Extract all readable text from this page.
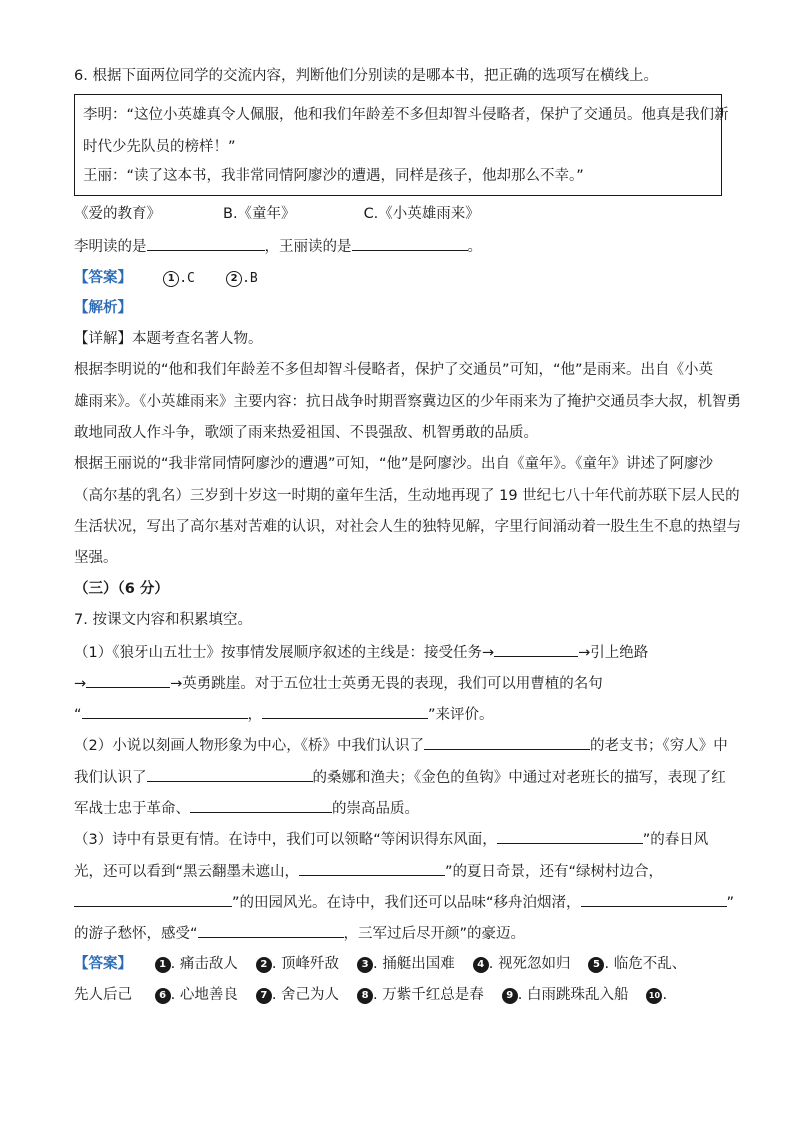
6. 根据下面两位同学的交流内容，判断他们分别读的是哪本书，把正确的选项写在横线上。
李明：“这位小英雄真令人佩服，他和我们年龄差不多但却智斗侵略者，保护了交通员。他真是我们新
时代少先队员的榜样！”
王丽：“读了这本书，我非常同情阿廖沙的遭遇，同样是孩子，他却那么不幸。”
《爱的教育》	B.《童年》	C.《小英雄雨来》
李明读的是	，王丽读的是	。
【答案】	1 .C	2 .B
【解析】
【详解】本题考查名著人物。
根据李明说的“他和我们年龄差不多但却智斗侵略者，保护了交通员”可知，“他”是雨来。出自《小英
雄雨来》。《小英雄雨来》主要内容：抗日战争时期晋察冀边区的少年雨来为了掩护交通员李大叔，机智勇
敢地同敌人作斗争，歌颂了雨来热爱祖国、不畏强敌、机智勇敢的品质。
根据王丽说的“我非常同情阿廖沙的遭遇”可知，“他”是阿廖沙。出自《童年》。《童年》讲述了阿廖沙
（高尔基的乳名）三岁到十岁这一时期的童年生活，生动地再现了 19 世纪七八十年代前苏联下层人民的
生活状况，写出了高尔基对苦难的认识，对社会人生的独特见解，字里行间涌动着一股生生不息的热望与
坚强。
（三）（6 分）
7. 按课文内容和积累填空。
（1）《狼牙山五壮士》按事情发展顺序叙述的主线是：接受任务→	→引上绝路
→	→英勇跳崖。对于五位壮士英勇无畏的表现，我们可以用曹植的名句
“	，	”来评价。
（2）小说以刻画人物形象为中心，《桥》中我们认识了	的老支书；《穷人》中
我们认识了	的桑娜和渔夫；《金色的鱼钩》中通过对老班长的描写，表现了红
军战士忠于革命、	的崇高品质。
（3）诗中有景更有情。在诗中，我们可以领略“等闲识得东风面，	”的春日风
光，还可以看到“黑云翻墨未遮山，	”的夏日奇景，还有“绿树村边合，
”的田园风光。在诗中，我们还可以品味“移舟泊烟渚，	”
的游子愁怀，感受“	，三军过后尽开颜”的豪迈。
【答案】	1 . 痛击敌人 2 . 顶峰歼敌 3 . 捅艇出国难 4 . 视死忽如归 5 . 临危不乱、
先人后己	6 . 心地善良 7 . 舍己为人 8 . 万紫千红总是春 9 . 白雨跳珠乱入船	10 .
